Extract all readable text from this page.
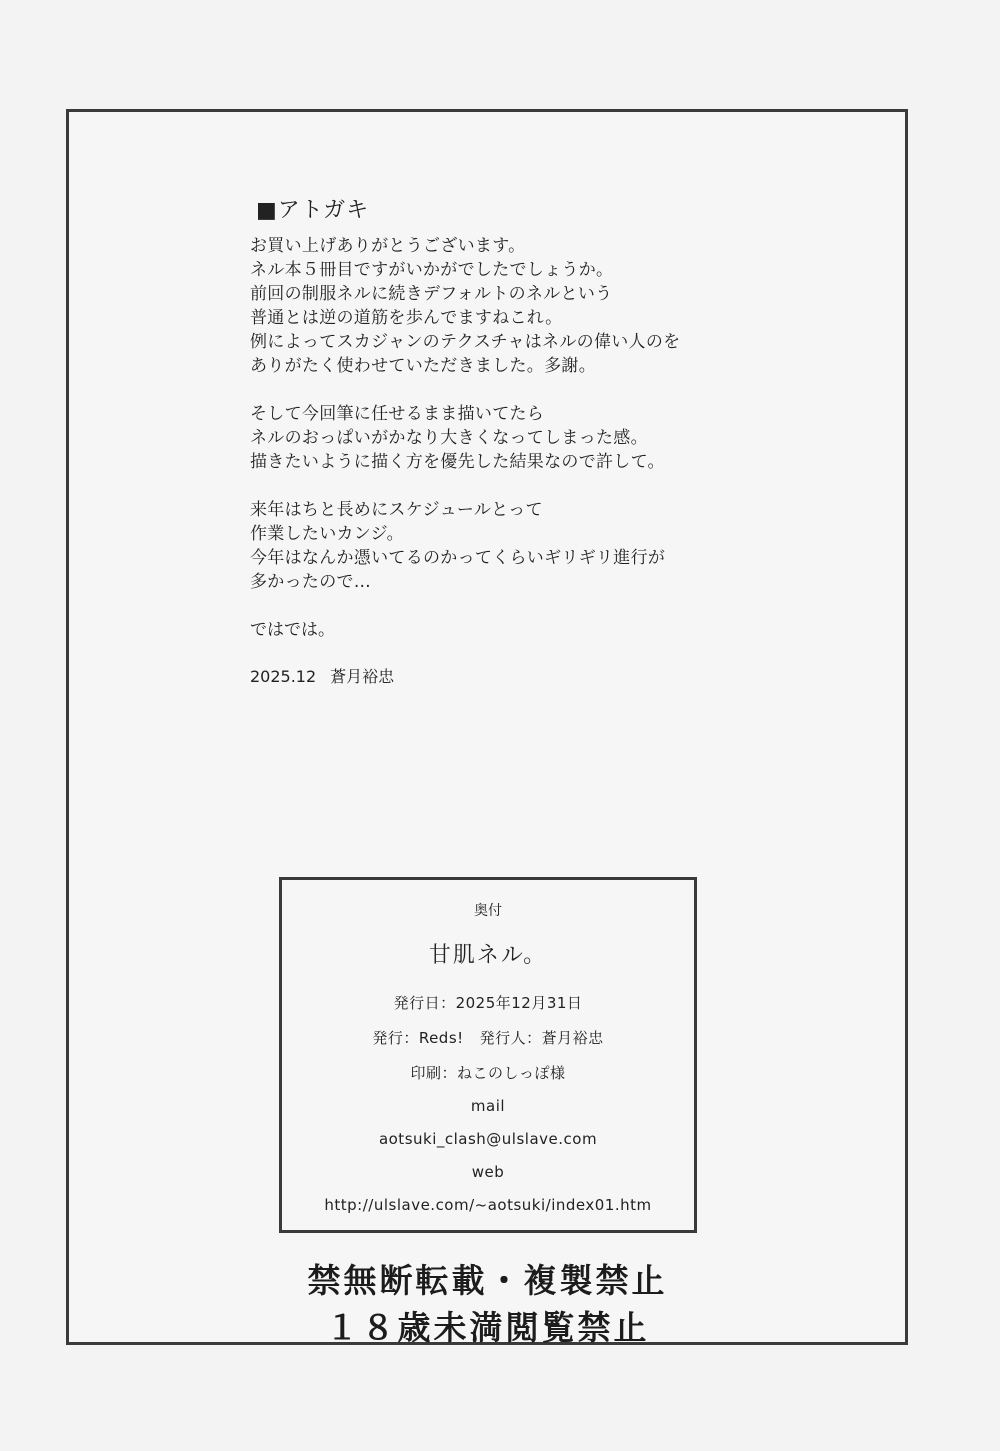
■アトガキ
お買い上げありがとうございます。
ネル本５冊目ですがいかがでしたでしょうか。
前回の制服ネルに続きデフォルトのネルという
普通とは逆の道筋を歩んでますねこれ。
例によってスカジャンのテクスチャはネルの偉い人のを
ありがたく使わせていただきました。多謝。
そして今回筆に任せるまま描いてたら
ネルのおっぱいがかなり大きくなってしまった感。
描きたいように描く方を優先した結果なので許して。
来年はちと長めにスケジュールとって
作業したいカンジ。
今年はなんか憑いてるのかってくらいギリギリ進行が
多かったので…
ではでは。
2025.12 蒼月裕忠
奥付
甘肌ネル。
発行日：2025年12月31日
発行：Reds! 発行人：蒼月裕忠
印刷：ねこのしっぽ様
mail
aotsuki_clash@ulslave.com
web
http://ulslave.com/~aotsuki/index01.htm
禁無断転載・複製禁止
１８歳未満閲覧禁止
